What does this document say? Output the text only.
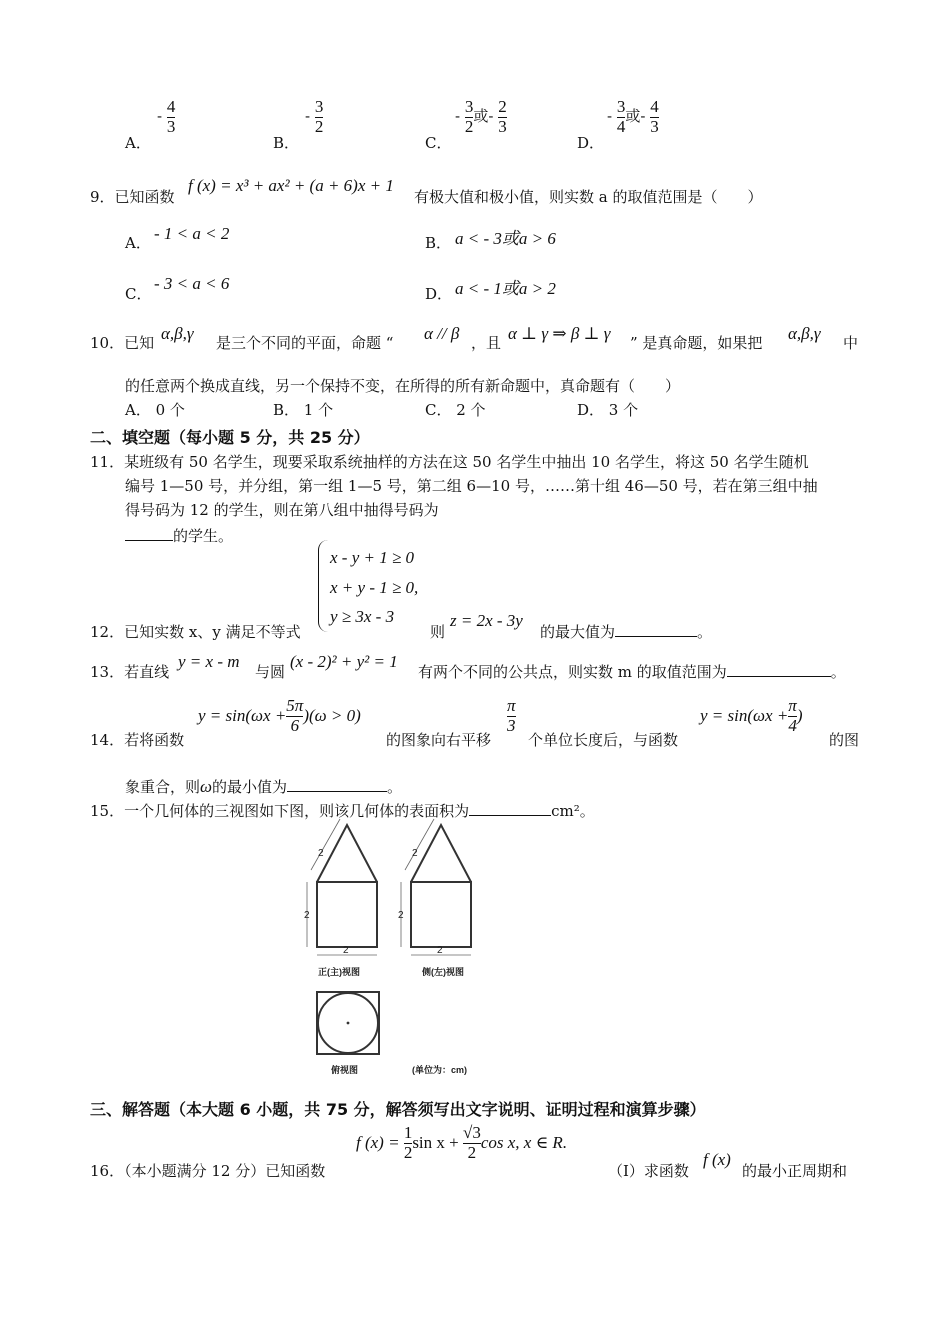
A．
- $\frac{4}{3}$
B．
- $\frac{3}{2}$
C．
- $\frac{3}{2}$ 或- $\frac{2}{3}$
D．
- $\frac{3}{4}$ 或- $\frac{4}{3}$
9．已知函数
f (x) = x³ + ax² + (a + 6)x + 1
有极大值和极小值，则实数 a 的取值范围是（　　）
A． - 1 < a < 2	B． a < - 3或a > 6
C．
- 3 < a < 6
D． a < - 1或a > 2
10．已知 α,β,γ 是三个不同的平面，命题 “ α // β ，且 α ⊥ γ ⇒ β ⊥ γ ” 是真命题，如果把 α,β,γ 中
的任意两个换成直线，另一个保持不变，在所得的所有新命题中，真命题有（　　）
A． 0 个	B． 1 个	C． 2 个	D． 3 个
二、填空题（每小题 5 分，共 25 分）
11．某班级有 50 名学生，现要采取系统抽样的方法在这 50 名学生中抽出 10 名学生，将这 50 名学生随机
编号 1—50 号，并分组，第一组 1—5 号，第二组 6—10 号，……第十组 46—50 号，若在第三组中抽
得号码为 12 的学生，则在第八组中抽得号码为
的学生。
x - y + 1 ≥ 0
x + y - 1 ≥ 0,
y ≥ 3x - 3
12．已知实数 x、y 满足不等式	则
z = 2x - 3y
的最大值为	。
13．若直线
y = x - m
与圆
(x - 2)² + y² = 1
有两个不同的公共点，则实数 m 的取值范围为	。
14．若将函数
$y = \sin(\omega x + \frac{5\pi}{6} )(\omega > 0)$
的图象向右平移
$\frac{\pi}{3}$
个单位长度后，与函数
$y = \sin(\omega x + \frac{\pi}{4}$ )
的图
象重合，则ω的最小值为	。
15．一个几何体的三视图如下图，则该几何体的表面积为	cm²。
2	2
2	2
2	2
正(主)视图	侧(左)视图
俯视图	(单位为：cm)
三、解答题（本大题 6 小题，共 75 分，解答须写出文字说明、证明过程和演算步骤）
16．（本小题满分 12 分）已知函数
f (x) =
$\frac{1}{2}$ sin x +
$\frac{√3}{2}$ cos x, x ∈ R.
（I）求函数
f (x)
的最小正周期和
